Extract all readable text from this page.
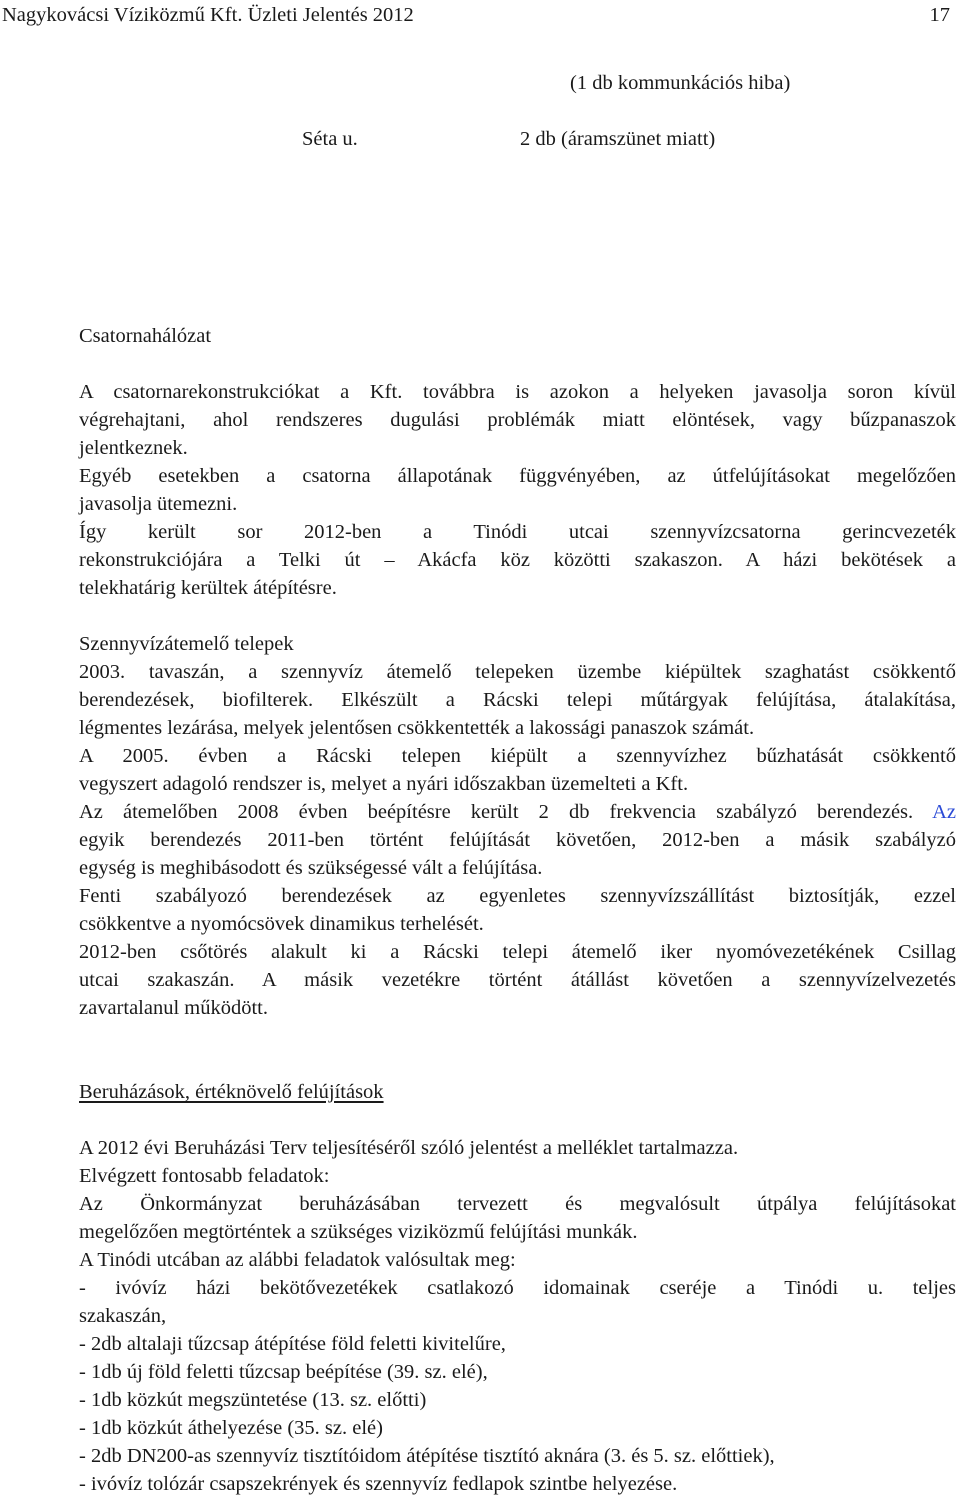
Nagykovácsi Víziközmű Kft. Üzleti Jelentés 2012	17
(1 db kommunkációs hiba)
Séta u.	2 db (áramszünet miatt)
Csatornahálózat
A csatornarekonstrukciókat a Kft. továbbra is azokon a helyeken javasolja soron kívül
végrehajtani, ahol rendszeres dugulási problémák miatt elöntések, vagy bűzpanaszok
jelentkeznek.
Egyéb esetekben a csatorna állapotának függvényében, az útfelújításokat megelőzően
javasolja ütemezni.
Így került sor 2012-ben a Tinódi utcai szennyvízcsatorna gerincvezeték
rekonstrukciójára a Telki út – Akácfa köz közötti szakaszon. A házi bekötések a
telekhatárig kerültek átépítésre.
Szennyvízátemelő telepek
2003. tavaszán, a szennyvíz átemelő telepeken üzembe kiépültek szaghatást csökkentő
berendezések, biofilterek. Elkészült a Rácski telepi műtárgyak felújítása, átalakítása,
légmentes lezárása, melyek jelentősen csökkentették a lakossági panaszok számát.
A 2005. évben a Rácski telepen kiépült a szennyvízhez bűzhatását csökkentő
vegyszert adagoló rendszer is, melyet a nyári időszakban üzemelteti a Kft.
Az átemelőben 2008 évben beépítésre került 2 db frekvencia szabályzó berendezés. Az
egyik berendezés 2011-ben történt felújítását követően, 2012-ben a másik szabályzó
egység is meghibásodott és szükségessé vált a felújítása.
Fenti szabályozó berendezések az egyenletes szennyvízszállítást biztosítják, ezzel
csökkentve a nyomócsövek dinamikus terhelését.
2012-ben csőtörés alakult ki a Rácski telepi átemelő iker nyomóvezetékének Csillag
utcai szakaszán. A másik vezetékre történt átállást követően a szennyvízelvezetés
zavartalanul működött.
Beruházások, értéknövelő felújítások
A 2012 évi Beruházási Terv teljesítéséről szóló jelentést a melléklet tartalmazza.
Elvégzett fontosabb feladatok:
Az Önkormányzat beruházásában tervezett és megvalósult útpálya felújításokat
megelőzően megtörténtek a szükséges viziközmű felújítási munkák.
A Tinódi utcában az alábbi feladatok valósultak meg:
- ivóvíz házi bekötővezetékek csatlakozó idomainak cseréje a Tinódi u. teljes
szakaszán,
- 2db altalaji tűzcsap átépítése föld feletti kivitelűre,
- 1db új föld feletti tűzcsap beépítése (39. sz. elé),
- 1db közkút megszüntetése (13. sz. előtti)
- 1db közkút áthelyezése (35. sz. elé)
- 2db DN200-as szennyvíz tisztítóidom átépítése tisztító aknára (3. és 5. sz. előttiek),
- ivóvíz tolózár csapszekrények és szennyvíz fedlapok szintbe helyezése.
